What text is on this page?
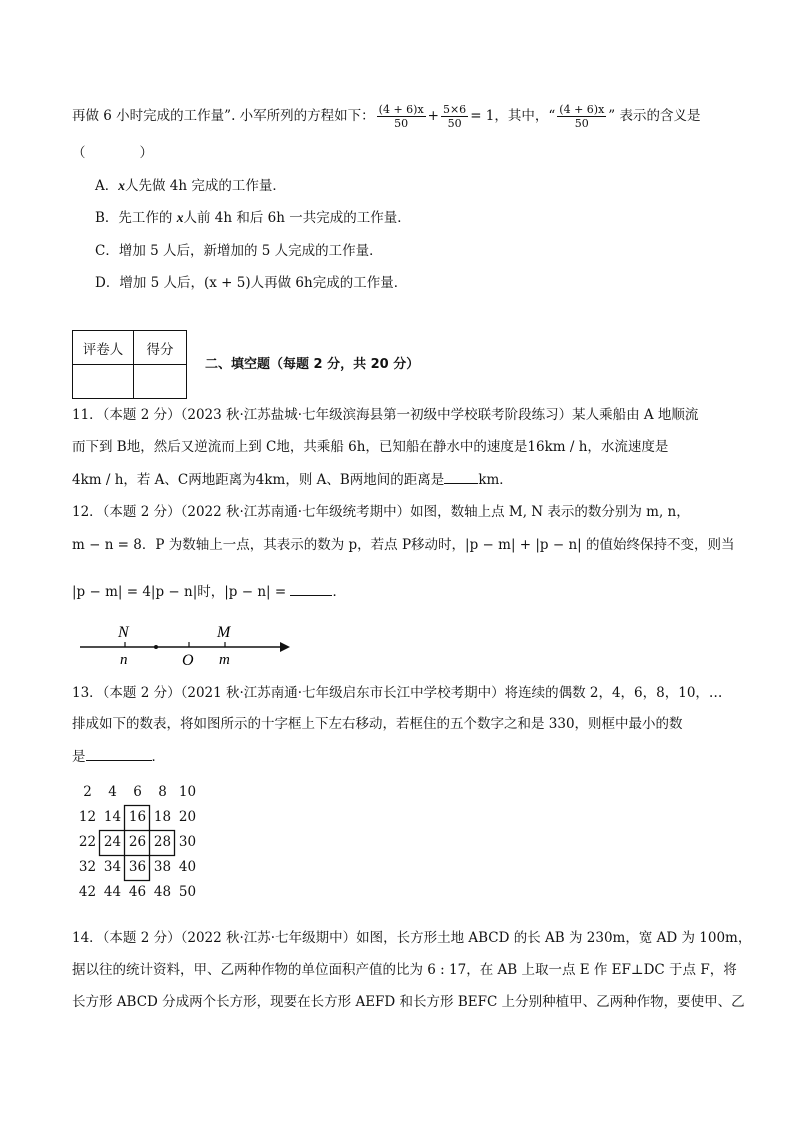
再做 6 小时完成的工作量”. 小军所列的方程如下： $\frac{(4 + 6)x}{50} + \frac{5\times 6}{50} = 1$，其中，“ $\frac{(4 + 6)x}{50}$ ” 表示的含义是
（　　　　）
A．x人先做 4h 完成的工作量．
B．先工作的 x人前 4h 和后 6h 一共完成的工作量．
C．增加 5 人后，新增加的 5 人完成的工作量．
D．增加 5 人后，(x + 5)人再做 6h完成的工作量．
评卷人	得分

二、填空题（每题 2 分，共 20 分）
11．（本题 2 分）（2023 秋·江苏盐城·七年级滨海县第一初级中学校联考阶段练习）某人乘船由 A 地顺流
而下到 B地，然后又逆流而上到 C地，共乘船 6h，已知船在静水中的速度是16km / h，水流速度是
4km / h，若 A、C两地距离为4km，则 A、B两地间的距离是	km．
12．（本题 2 分）（2022 秋·江苏南通·七年级统考期中）如图，数轴上点 M, N 表示的数分别为 m, n，
m − n = 8．P 为数轴上一点，其表示的数为 p，若点 P移动时，|p − m| + |p − n| 的值始终保持不变，则当
|p − m| = 4|p − n|时，|p − n| =	．
N
n	O
M
m
13．（本题 2 分）（2021 秋·江苏南通·七年级启东市长江中学校考期中）将连续的偶数 2，4，6，8，10，…
排成如下的数表，将如图所示的十字框上下左右移动，若框住的五个数字之和是 330，则框中最小的数
是	．
2	4	6	8 10
12 14 16 18 20
22 24 26 28 30
32 34 36 38 40
42 44 46 48 50
14．（本题 2 分）（2022 秋·江苏·七年级期中）如图，长方形土地 ABCD 的长 AB 为 230m，宽 AD 为 100m，
据以往的统计资料，甲、乙两种作物的单位面积产值的比为 6 : 17，在 AB 上取一点 E 作 EF⊥DC 于点 F，将
长方形 ABCD 分成两个长方形，现要在长方形 AEFD 和长方形 BEFC 上分别种植甲、乙两种作物，要使甲、乙
